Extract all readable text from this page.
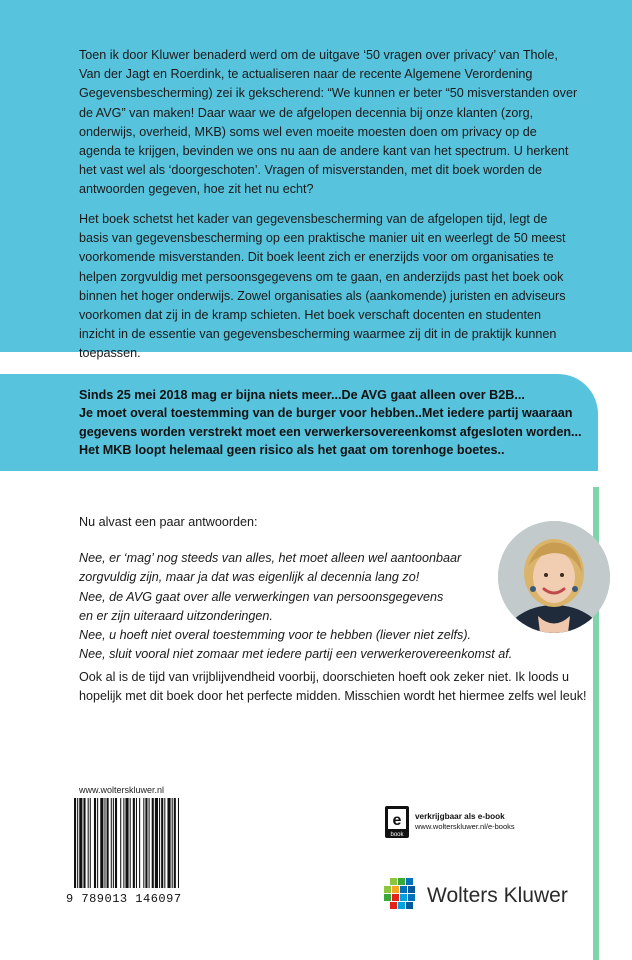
Toen ik door Kluwer benaderd werd om de uitgave ‘50 vragen over privacy’ van Thole, Van der Jagt en Roerdink, te actualiseren naar de recente Algemene Verordening Gegevensbescherming) zei ik gekscherend: “We kunnen er beter “50 misverstanden over de AVG” van maken! Daar waar we de afgelopen decennia bij onze klanten (zorg, onderwijs, overheid, MKB) soms wel even moeite moesten doen om privacy op de agenda te krijgen, bevinden we ons nu aan de andere kant van het spectrum. U herkent het vast wel als ‘doorgeschoten’. Vragen of misverstanden, met dit boek worden de antwoorden gegeven, hoe zit het nu echt?

Het boek schetst het kader van gegevensbescherming van de afgelopen tijd, legt de basis van gegevensbescherming op een praktische manier uit en weerlegt de 50 meest voorkomende misverstanden. Dit boek leent zich er enerzijds voor om organisaties te helpen zorgvuldig met persoonsgegevens om te gaan, en anderzijds past het boek ook binnen het hoger onderwijs. Zowel organisaties als (aankomende) juristen en adviseurs voorkomen dat zij in de kramp schieten. Het boek verschaft docenten en studenten inzicht in de essentie van gegevensbescherming waarmee zij dit in de praktijk kunnen toepassen.

Sinds 25 mei 2018 mag er bijna niets meer...De AVG gaat alleen over B2B...
Je moet overal toestemming van de burger voor hebben..Met iedere partij waaraan
gegevens worden verstrekt moet een verwerkersovereenkomst afgesloten worden...
Het MKB loopt helemaal geen risico als het gaat om torenhoge boetes..

Nu alvast een paar antwoorden:

Nee, er ‘mag’ nog steeds van alles, het moet alleen wel aantoonbaar

zorgvuldig zijn, maar ja dat was eigenlijk al decennia lang zo!

Nee, de AVG gaat over alle verwerkingen van persoonsgegevens

en er zijn uiteraard uitzonderingen.

Nee, u hoeft niet overal toestemming voor te hebben (liever niet zelfs).

Nee, sluit vooral niet zomaar met iedere partij een verwerkerovereenkomst af.

Ook al is de tijd van vrijblijvendheid voorbij, doorschieten hoeft ook zeker niet. Ik loods u hopelijk met dit boek door het perfecte midden. Misschien wordt het hiermee zelfs wel leuk!

www.wolterskluwer.nl
9 789013 146097
e
book
verkrijgbaar als e-book
www.wolterskluwer.nl/e-books
Wolters Kluwer
